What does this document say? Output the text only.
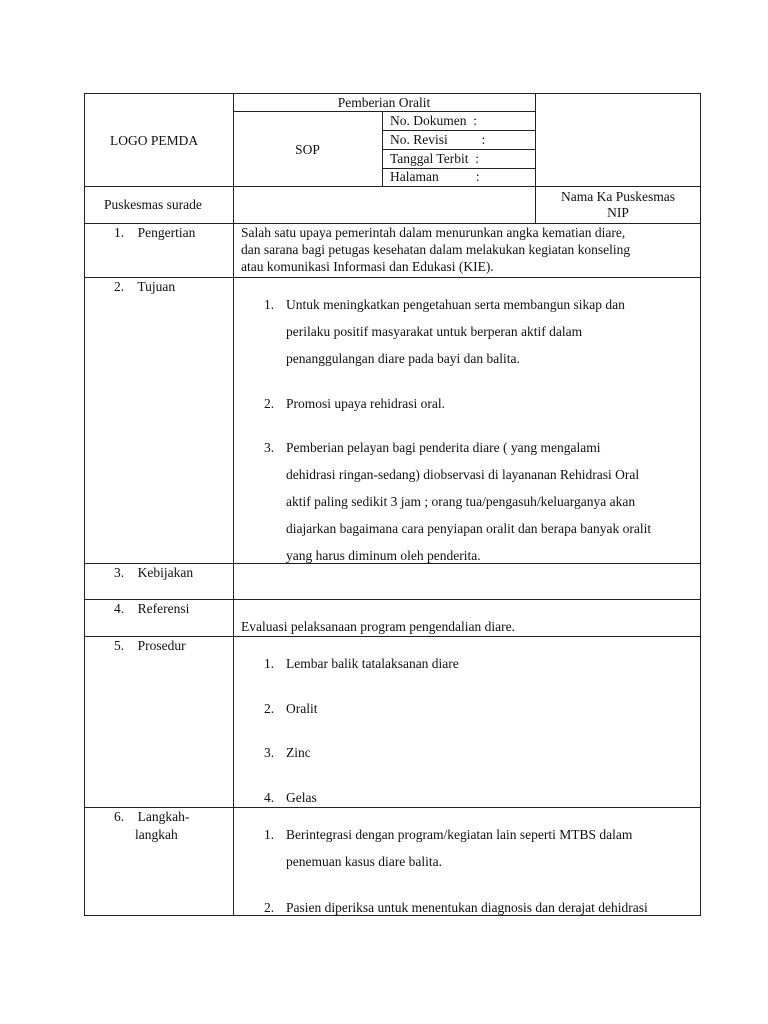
LOGO PEMDA
Pemberian Oralit
SOP
No. Dokumen  :
No. Revisi          :
Tanggal Terbit  :
Halaman           :
Puskesmas surade
Nama Ka Puskesmas
NIP
1.    Pengertian	Salah satu upaya pemerintah dalam menurunkan angka kematian diare,
dan sarana bagi petugas kesehatan dalam melakukan kegiatan konseling
atau komunikasi Informasi dan Edukasi (KIE).
2.    Tujuan
1. Untuk meningkatkan pengetahuan serta membangun sikap dan
perilaku positif masyarakat untuk berperan aktif dalam
penanggulangan diare pada bayi dan balita.
2. Promosi upaya rehidrasi oral.
3. Pemberian pelayan bagi penderita diare ( yang mengalami
dehidrasi ringan-sedang) diobservasi di layananan Rehidrasi Oral
aktif paling sedikit 3 jam ; orang tua/pengasuh/keluarganya akan
diajarkan bagaimana cara penyiapan oralit dan berapa banyak oralit
yang harus diminum oleh penderita.
3.    Kebijakan
4.    Referensi
Evaluasi pelaksanaan program pengendalian diare.
5.    Prosedur
1. Lembar balik tatalaksanan diare
2. Oralit
3. Zinc
4. Gelas
6.    Langkah-
langkah	1. Berintegrasi dengan program/kegiatan lain seperti MTBS dalam
penemuan kasus diare balita.
2. Pasien diperiksa untuk menentukan diagnosis dan derajat dehidrasi
